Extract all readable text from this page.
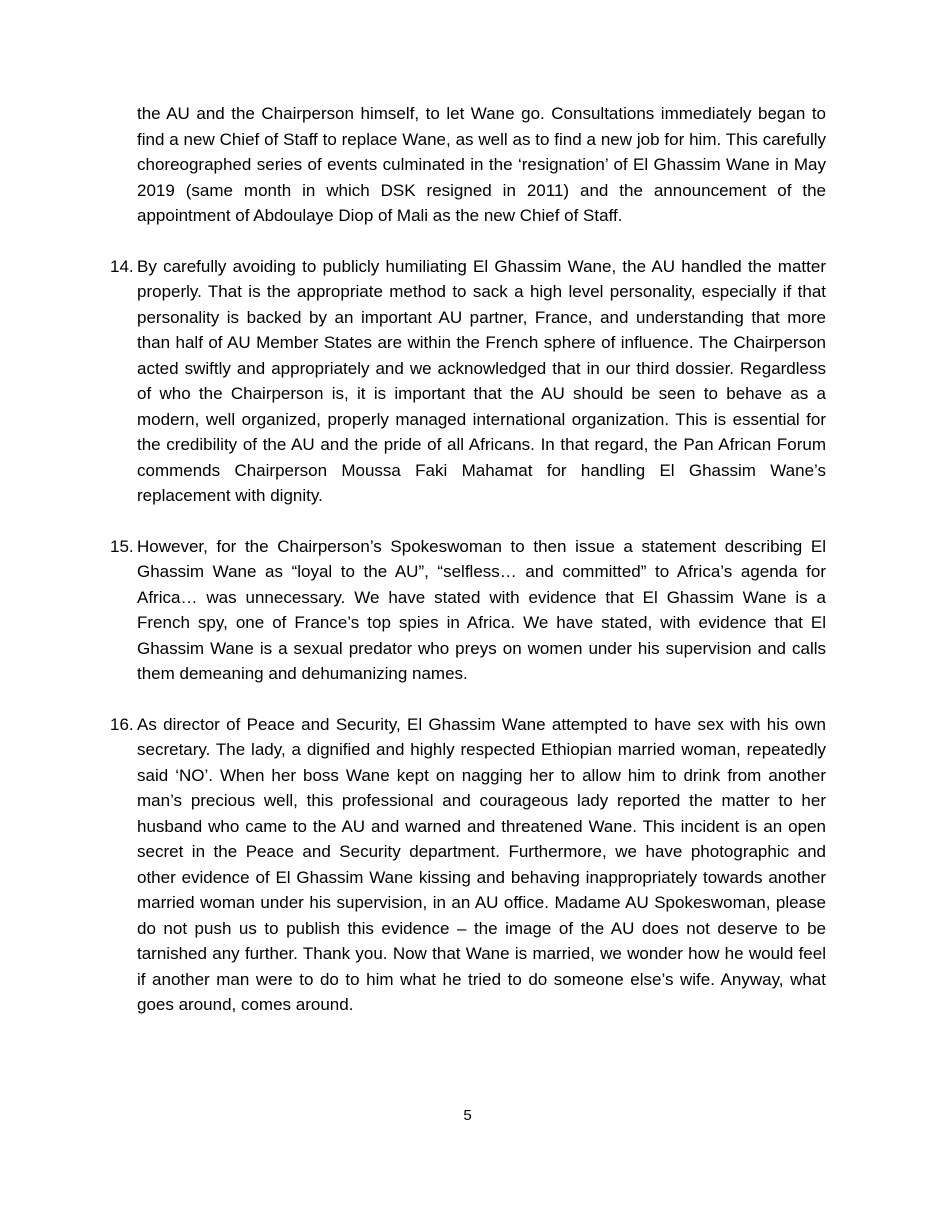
the AU and the Chairperson himself, to let Wane go. Consultations immediately began to find a new Chief of Staff to replace Wane, as well as to find a new job for him. This carefully choreographed series of events culminated in the ‘resignation’ of El Ghassim Wane in May 2019 (same month in which DSK resigned in 2011) and the announcement of the appointment of Abdoulaye Diop of Mali as the new Chief of Staff.

14. By carefully avoiding to publicly humiliating El Ghassim Wane, the AU handled the matter properly. That is the appropriate method to sack a high level personality, especially if that personality is backed by an important AU partner, France, and understanding that more than half of AU Member States are within the French sphere of influence. The Chairperson acted swiftly and appropriately and we acknowledged that in our third dossier. Regardless of who the Chairperson is, it is important that the AU should be seen to behave as a modern, well organized, properly managed international organization. This is essential for the credibility of the AU and the pride of all Africans. In that regard, the Pan African Forum commends Chairperson Moussa Faki Mahamat for handling El Ghassim Wane’s replacement with dignity.
15. However, for the Chairperson’s Spokeswoman to then issue a statement describing El Ghassim Wane as “loyal to the AU”, “selfless… and committed” to Africa’s agenda for Africa… was unnecessary. We have stated with evidence that El Ghassim Wane is a French spy, one of France’s top spies in Africa. We have stated, with evidence that El Ghassim Wane is a sexual predator who preys on women under his supervision and calls them demeaning and dehumanizing names.
16. As director of Peace and Security, El Ghassim Wane attempted to have sex with his own secretary. The lady, a dignified and highly respected Ethiopian married woman, repeatedly said ‘NO’. When her boss Wane kept on nagging her to allow him to drink from another man’s precious well, this professional and courageous lady reported the matter to her husband who came to the AU and warned and threatened Wane. This incident is an open secret in the Peace and Security department. Furthermore, we have photographic and other evidence of El Ghassim Wane kissing and behaving inappropriately towards another married woman under his supervision, in an AU office. Madame AU Spokeswoman, please do not push us to publish this evidence – the image of the AU does not deserve to be tarnished any further. Thank you. Now that Wane is married, we wonder how he would feel if another man were to do to him what he tried to do someone else’s wife. Anyway, what goes around, comes around.
5
